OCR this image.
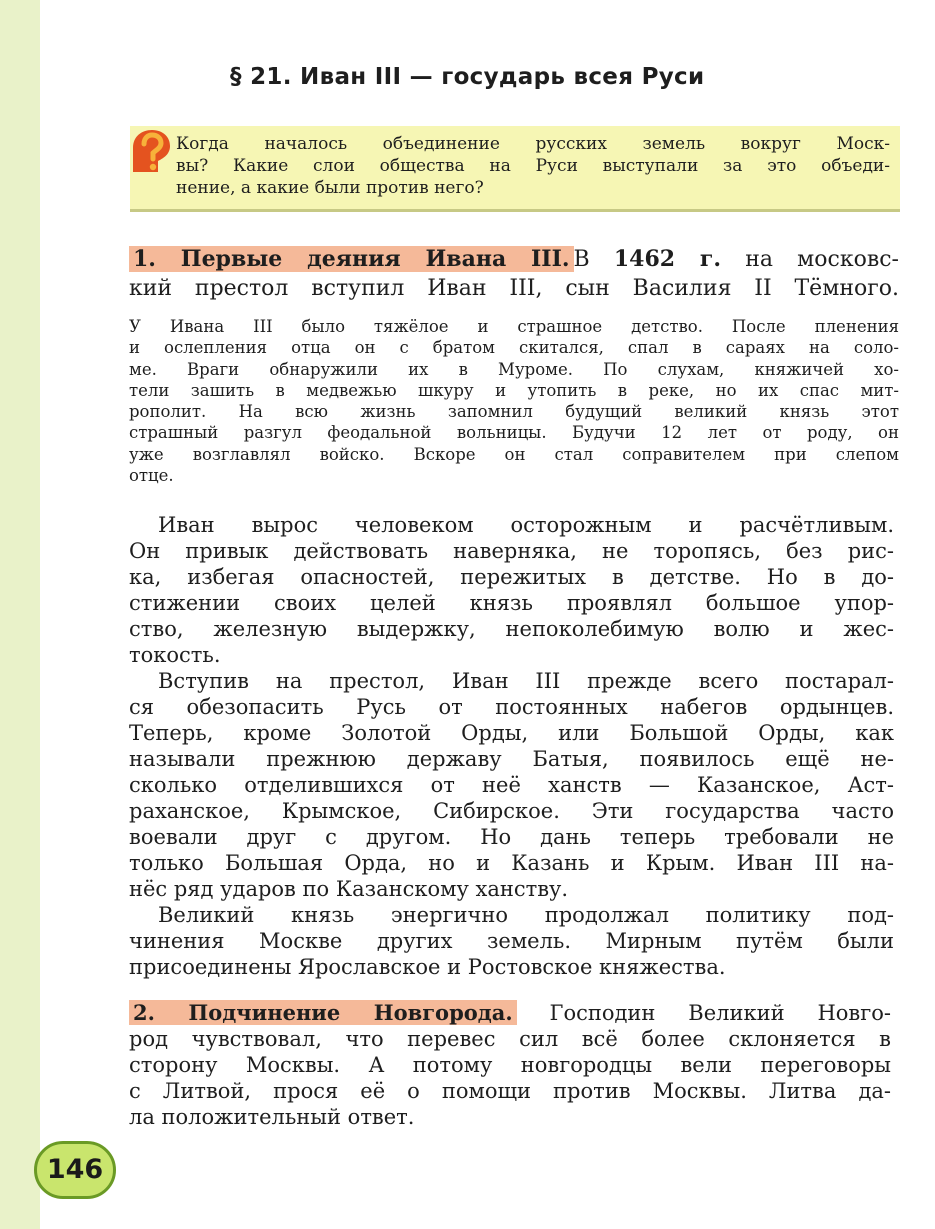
§ 21. Иван III — государь всея Руси
Когда началось объединение русских земель вокруг Моск-
вы? Какие слои общества на Руси выступали за это объеди-
нение, а какие были против него?
1. Первые деяния Ивана III. В 1462 г. на московс-
кий престол вступил Иван III, сын Василия II Тёмного.
У Ивана III было тяжёлое и страшное детство. После пленения
и ослепления отца он с братом скитался, спал в сараях на соло-
ме. Враги обнаружили их в Муроме. По слухам, княжичей хо-
тели зашить в медвежью шкуру и утопить в реке, но их спас мит-
рополит. На всю жизнь запомнил будущий великий князь этот
страшный разгул феодальной вольницы. Будучи 12 лет от роду, он
уже возглавлял войско. Вскоре он стал соправителем при слепом
отце.
Иван вырос человеком осторожным и расчётливым.
Он привык действовать наверняка, не торопясь, без рис-
ка, избегая опасностей, пережитых в детстве. Но в до-
стижении своих целей князь проявлял большое упор-
ство, железную выдержку, непоколебимую волю и жес-
токость.
Вступив на престол, Иван III прежде всего постарал-
ся обезопасить Русь от постоянных набегов ордынцев.
Теперь, кроме Золотой Орды, или Большой Орды, как
называли прежнюю державу Батыя, появилось ещё не-
сколько отделившихся от неё ханств — Казанское, Аст-
раханское, Крымское, Сибирское. Эти государства часто
воевали друг с другом. Но дань теперь требовали не
только Большая Орда, но и Казань и Крым. Иван III на-
нёс ряд ударов по Казанскому ханству.
Великий князь энергично продолжал политику под-
чинения Москве других земель. Мирным путём были
присоединены Ярославское и Ростовское княжества.
2. Подчинение Новгорода. Господин Великий Новго-
род чувствовал, что перевес сил всё более склоняется в
сторону Москвы. А потому новгородцы вели переговоры
с Литвой, прося её о помощи против Москвы. Литва да-
ла положительный ответ.
146
